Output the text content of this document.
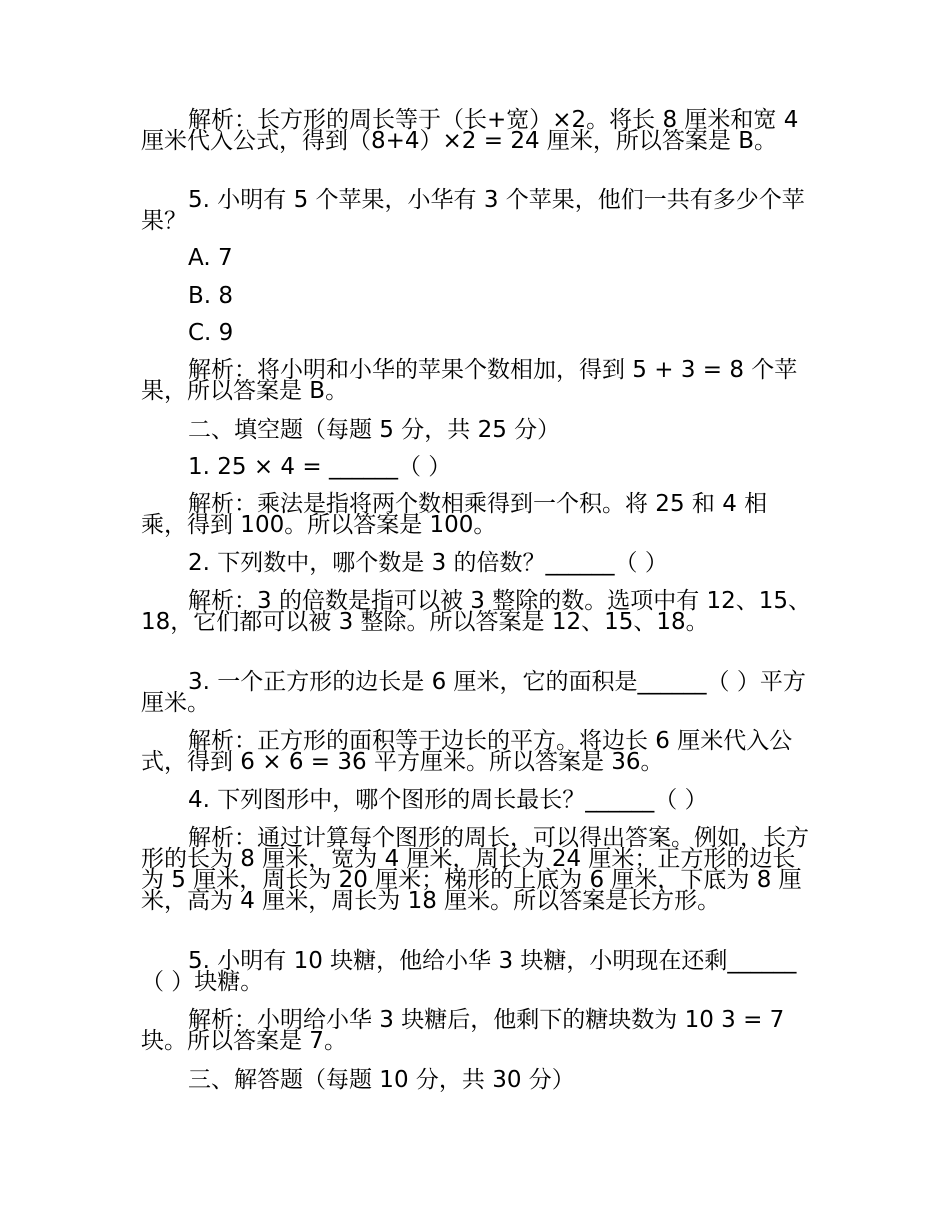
解析：长方形的周长等于（长+宽）×2。将长 8 厘米和宽 4 厘米代入公式，得到（8+4）×2 = 24 厘米，所以答案是 B。
5. 小明有 5 个苹果，小华有 3 个苹果，他们一共有多少个苹果？
A. 7
B. 8
C. 9
解析：将小明和小华的苹果个数相加，得到 5 + 3 = 8 个苹果，所以答案是 B。
二、填空题（每题 5 分，共 25 分）
1. 25 × 4 = ______（ ）
解析：乘法是指将两个数相乘得到一个积。将 25 和 4 相乘，得到 100。所以答案是 100。
2. 下列数中，哪个数是 3 的倍数？______（ ）
解析：3 的倍数是指可以被 3 整除的数。选项中有 12、15、18，它们都可以被 3 整除。所以答案是 12、15、18。
3. 一个正方形的边长是 6 厘米，它的面积是______（ ）平方厘米。
解析：正方形的面积等于边长的平方。将边长 6 厘米代入公式，得到 6 × 6 = 36 平方厘米。所以答案是 36。
4. 下列图形中，哪个图形的周长最长？______（ ）
解析：通过计算每个图形的周长，可以得出答案。例如，长方形的长为 8 厘米，宽为 4 厘米，周长为 24 厘米；正方形的边长为 5 厘米，周长为 20 厘米；梯形的上底为 6 厘米，下底为 8 厘米，高为 4 厘米，周长为 18 厘米。所以答案是长方形。
5. 小明有 10 块糖，他给小华 3 块糖，小明现在还剩______（ ）块糖。
解析：小明给小华 3 块糖后，他剩下的糖块数为 10 3 = 7 块。所以答案是 7。
三、解答题（每题 10 分，共 30 分）
